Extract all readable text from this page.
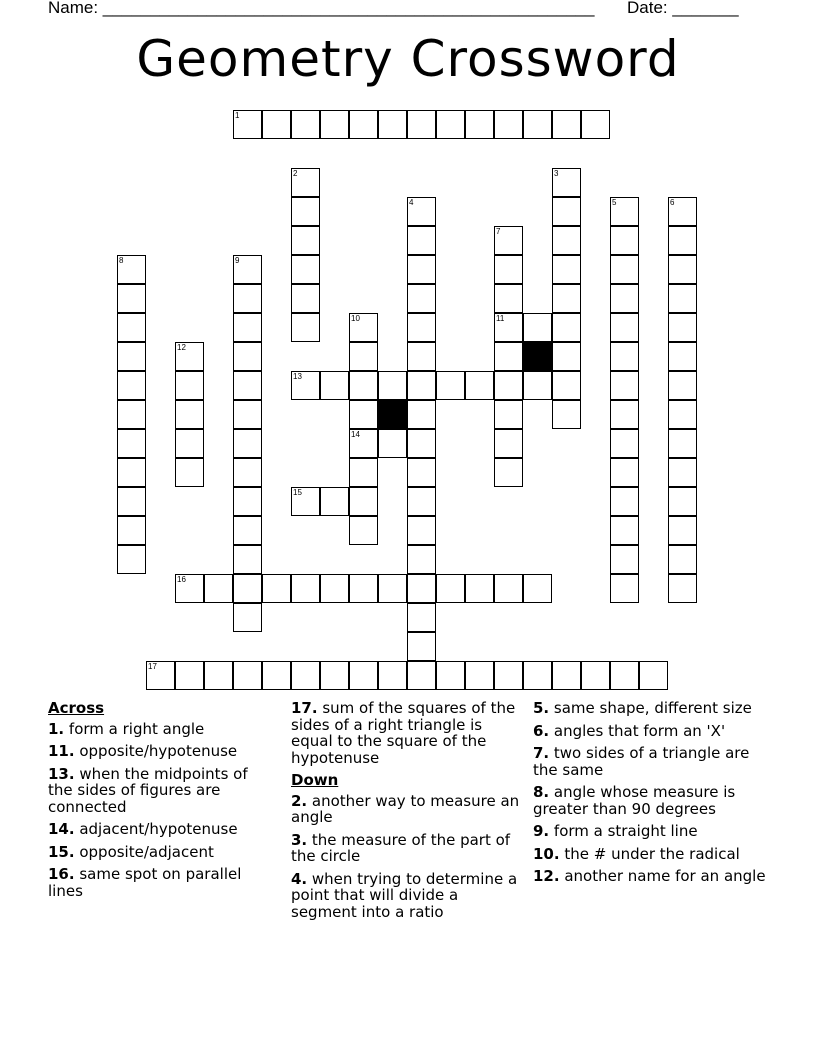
Name: ____________________________________________________ Date: _______
Geometry Crossword
1
2	3
4	5	6
7
8	9
10	11
12
13
14
15
16
17
Across
1. form a right angle
11. opposite/hypotenuse
13. when the midpoints of the sides of figures are connected
14. adjacent/hypotenuse
15. opposite/adjacent
16. same spot on parallel lines
17. sum of the squares of the sides of a right triangle is equal to the square of the hypotenuse
Down
2. another way to measure an angle
3. the measure of the part of the circle
4. when trying to determine a point that will divide a segment into a ratio
5. same shape, different size
6. angles that form an 'X'
7. two sides of a triangle are the same
8. angle whose measure is greater than 90 degrees
9. form a straight line
10. the # under the radical
12. another name for an angle
